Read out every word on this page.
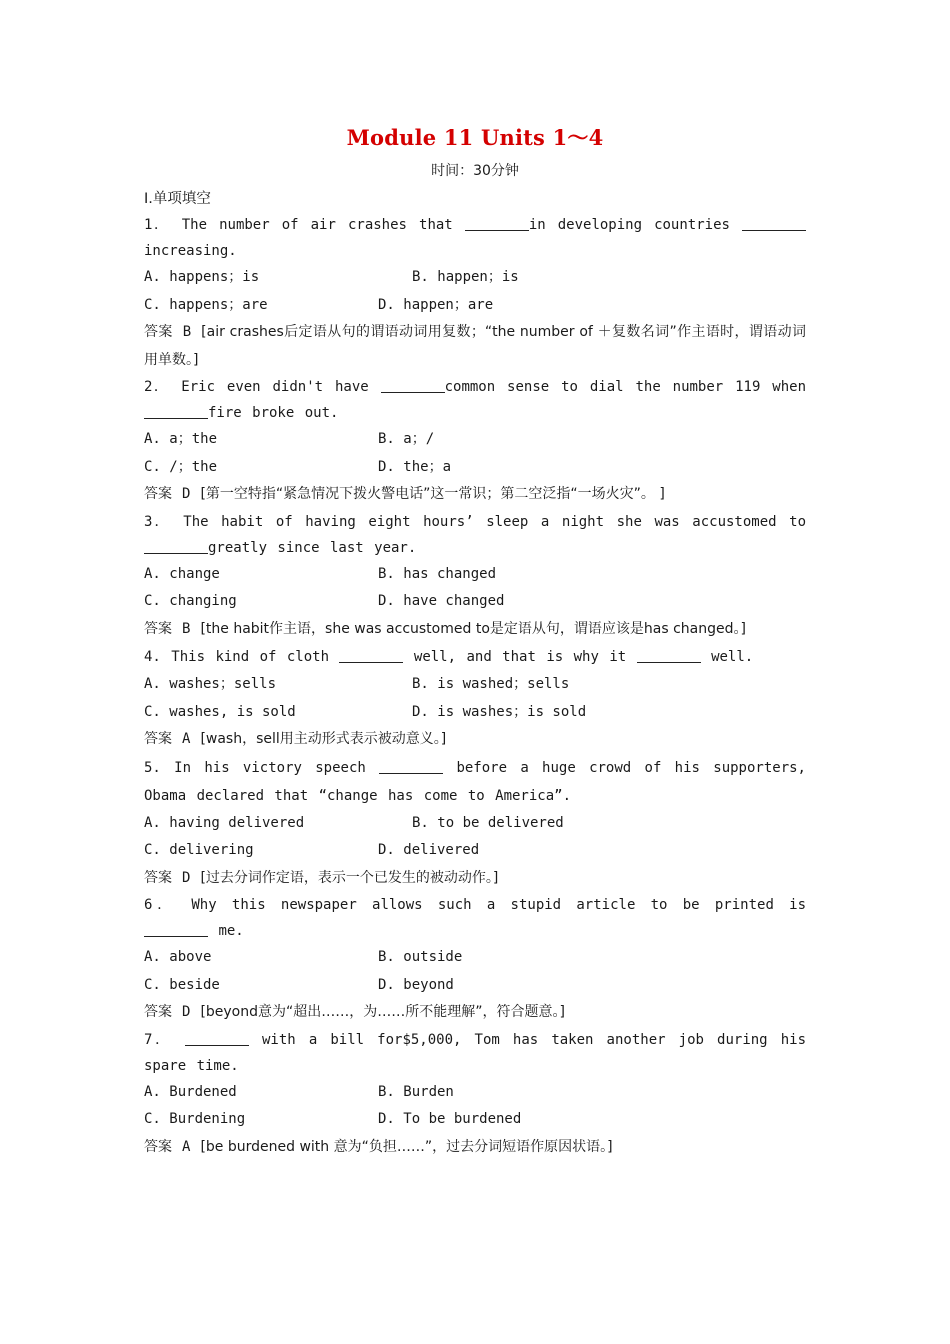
Module 11 Units 1～4
时间：30分钟
Ⅰ.单项填空
1． The number of air crashes that	in developing countries increasing.
A. happens；is	B. happen；is
C. happens；are	D. happen；are
答案 B [air crashes后定语从句的谓语动词用复数；“the number of ＋复数名词”作主语时，谓语动词用单数。]
2． Eric even didn't have	common sense to dial the number 119 when fire broke out.
A. a；the	B. a；/
C. /；the	D. the；a
答案 D [第一空特指“紧急情况下拨火警电话”这一常识；第二空泛指“一场火灾”。 ]
3． The habit of having eight hours’ sleep a night she was accustomed to greatly since last year.
A. change	B. has changed
C. changing	D. have changed
答案 B [the habit作主语，she was accustomed to是定语从句，谓语应该是has changed。]
4. This kind of cloth	well, and that is why it	well.
A. washes；sells	B. is washed；sells
C. washes, is sold	D. is washes；is sold
答案 A [wash，sell用主动形式表示被动意义。]
5. In his victory speech	before a huge crowd of his supporters, Obama declared that “change has come to America”.
A. having delivered	B. to be delivered
C. delivering	D. delivered
答案 D [过去分词作定语，表示一个已发生的被动动作。]
6． Why this newspaper allows such a stupid article to be printed is  me.
A. above	B. outside
C. beside	D. beyond
答案 D [beyond意为“超出……，为……所不能理解”，符合题意。]
7．	with a bill for$5,000, Tom has taken another job during his spare time.
A. Burdened	B. Burden
C. Burdening	D. To be burdened
答案 A [be burdened with 意为“负担……”，过去分词短语作原因状语。]
